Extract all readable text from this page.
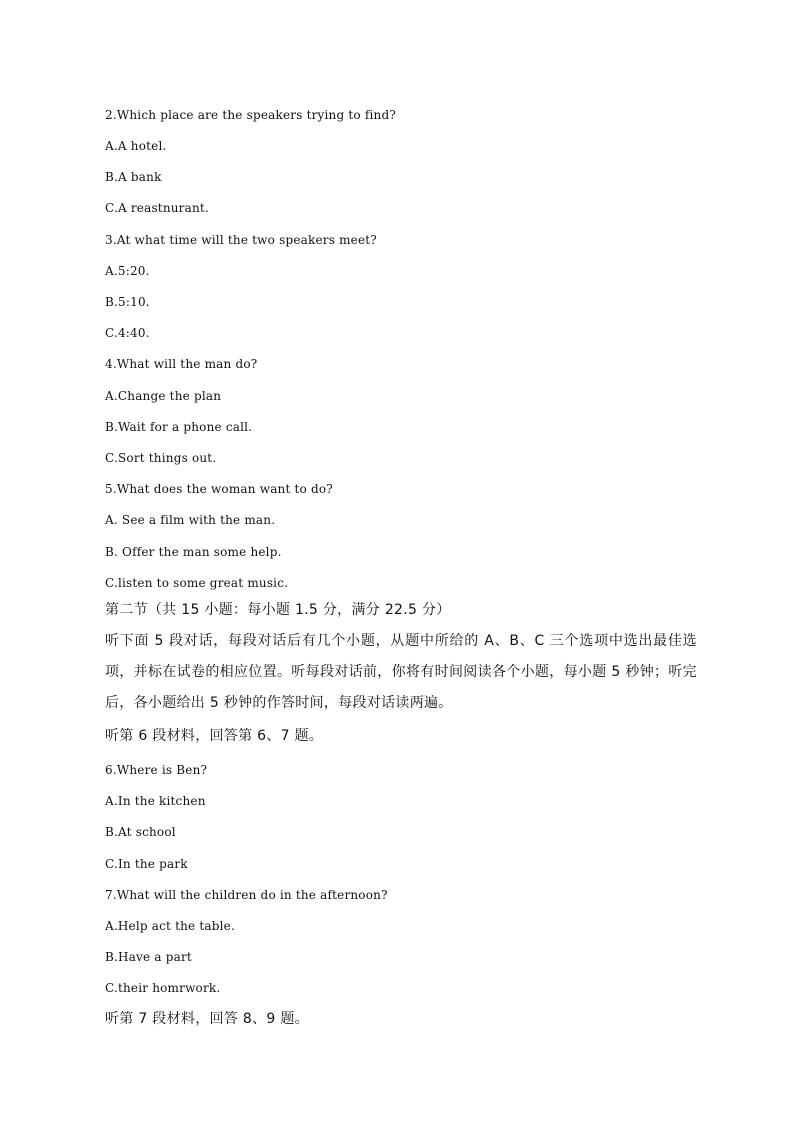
2.Which place are the speakers trying to find?
A.A hotel.
B.A bank
C.A reastnurant.
3.At what time will the two speakers meet?
A.5:20.
B.5:10.
C.4:40.
4.What will the man do?
A.Change the plan
B.Wait for a phone call.
C.Sort things out.
5.What does the woman want to do?
A. See a film with the man.
B. Offer the man some help.
C.listen to some great music.
第二节（共 15 小题：每小题 1.5 分，满分 22.5 分）
听下面 5 段对话，每段对话后有几个小题，从题中所给的 A、B、C 三个选项中选出最佳选项，并标在试卷的相应位置。听每段对话前，你将有时间阅读各个小题，每小题 5 秒钟；听完后，各小题给出 5 秒钟的作答时间，每段对话读两遍。
听第 6 段材料，回答第 6、7 题。
6.Where is Ben?
A.In the kitchen
B.At school
C.In the park
7.What will the children do in the afternoon?
A.Help act the table.
B.Have a part
C.their homrwork.
听第 7 段材料，回答 8、9 题。
